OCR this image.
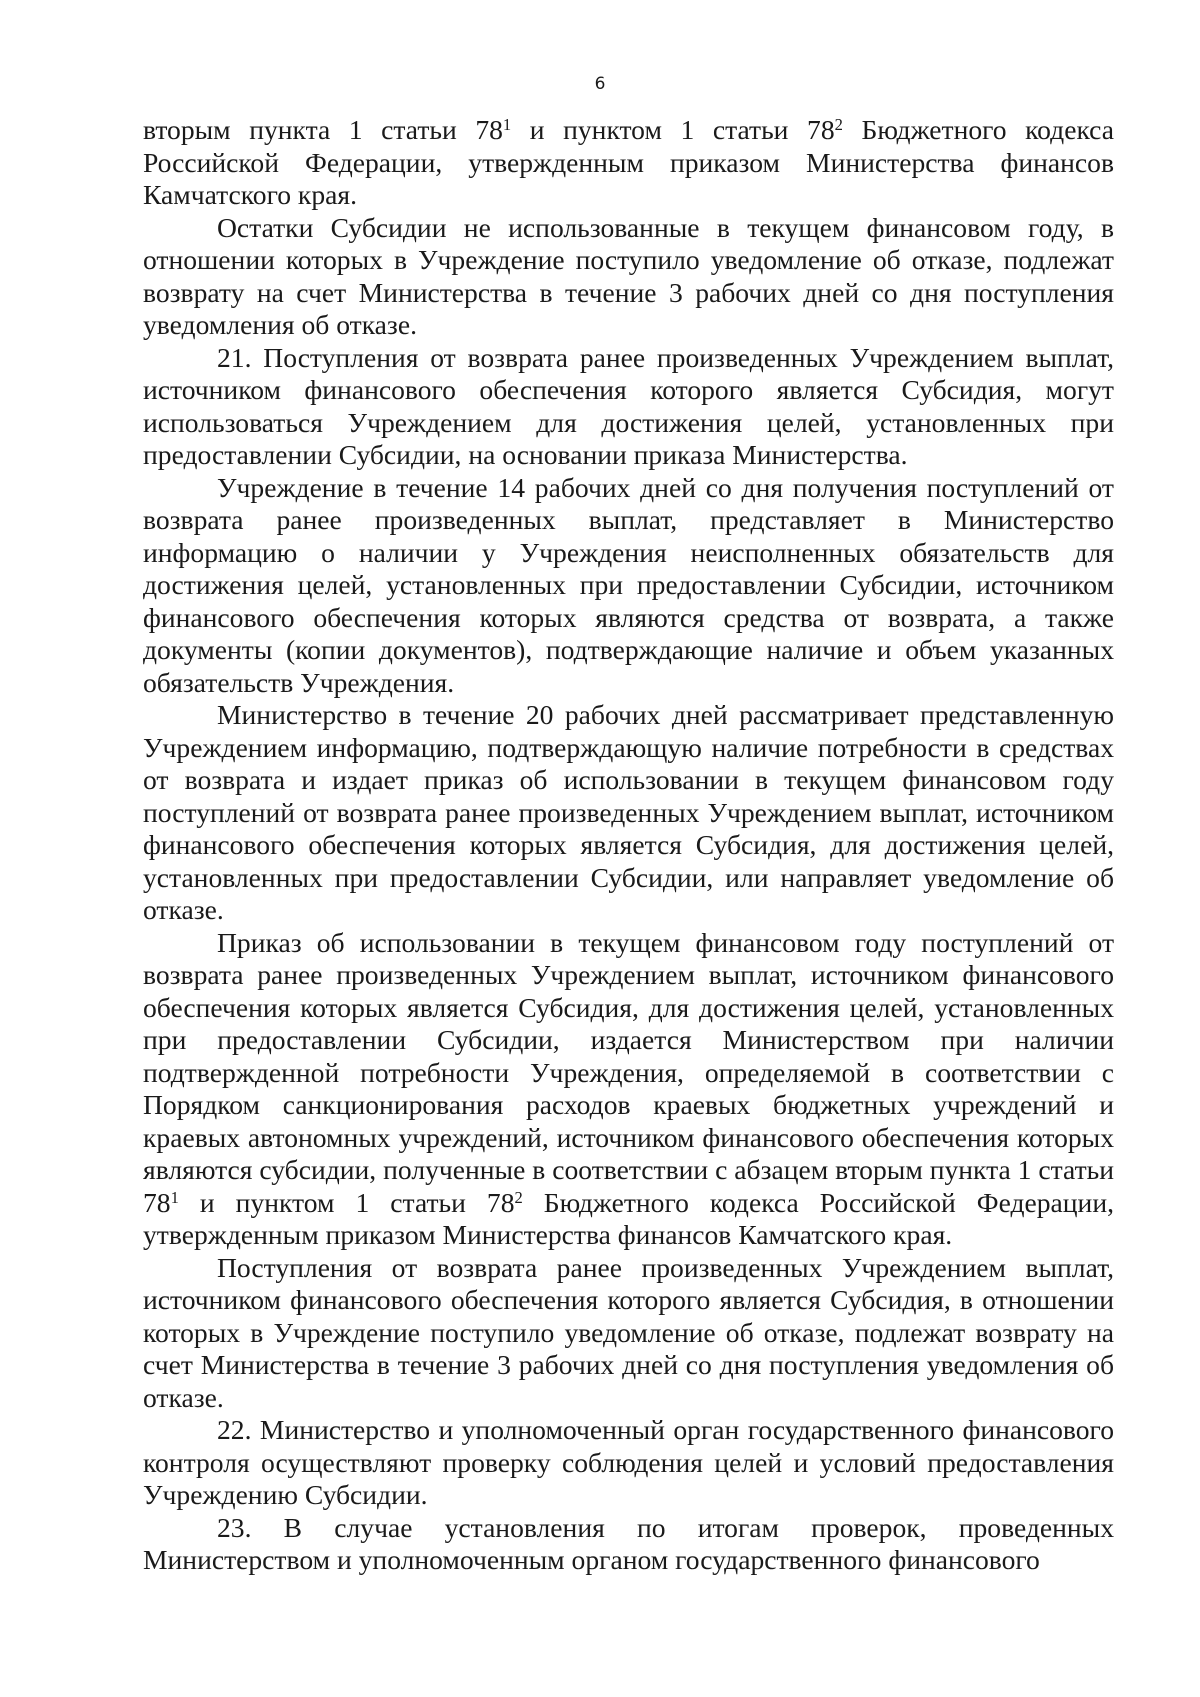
6

вторым пункта 1 статьи $78^1$ и пунктом 1 статьи $78^2$ Бюджетного кодекса Российской Федерации, утвержденным приказом Министерства финансов Камчатского края.

Остатки Субсидии не использованные в текущем финансовом году, в отношении которых в Учреждение поступило уведомление об отказе, подлежат возврату на счет Министерства в течение 3 рабочих дней со дня поступления уведомления об отказе.

21. Поступления от возврата ранее произведенных Учреждением выплат, источником финансового обеспечения которого является Субсидия, могут использоваться Учреждением для достижения целей, установленных при предоставлении Субсидии, на основании приказа Министерства.

Учреждение в течение 14 рабочих дней со дня получения поступлений от возврата ранее произведенных выплат, представляет в Министерство информацию о наличии у Учреждения неисполненных обязательств для достижения целей, установленных при предоставлении Субсидии, источником финансового обеспечения которых являются средства от возврата, а также документы (копии документов), подтверждающие наличие и объем указанных обязательств Учреждения.

Министерство в течение 20 рабочих дней рассматривает представленную Учреждением информацию, подтверждающую наличие потребности в средствах от возврата и издает приказ об использовании в текущем финансовом году поступлений от возврата ранее произведенных Учреждением выплат, источником финансового обеспечения которых является Субсидия, для достижения целей, установленных при предоставлении Субсидии, или направляет уведомление об отказе.

Приказ об использовании в текущем финансовом году поступлений от возврата ранее произведенных Учреждением выплат, источником финансового обеспечения которых является Субсидия, для достижения целей, установленных при предоставлении Субсидии, издается Министерством при наличии подтвержденной потребности Учреждения, определяемой в соответствии с Порядком санкционирования расходов краевых бюджетных учреждений и краевых автономных учреждений, источником финансового обеспечения которых являются субсидии, полученные в соответствии с абзацем вторым пункта 1 статьи $78^1$ и пунктом 1 статьи $78^2$ Бюджетного кодекса Российской Федерации, утвержденным приказом Министерства финансов Камчатского края.

Поступления от возврата ранее произведенных Учреждением выплат, источником финансового обеспечения которого является Субсидия, в отношении которых в Учреждение поступило уведомление об отказе, подлежат возврату на счет Министерства в течение 3 рабочих дней со дня поступления уведомления об отказе.

22. Министерство и уполномоченный орган государственного финансового контроля осуществляют проверку соблюдения целей и условий предоставления Учреждению Субсидии.

23. В случае установления по итогам проверок, проведенных Министерством и уполномоченным органом государственного финансового
